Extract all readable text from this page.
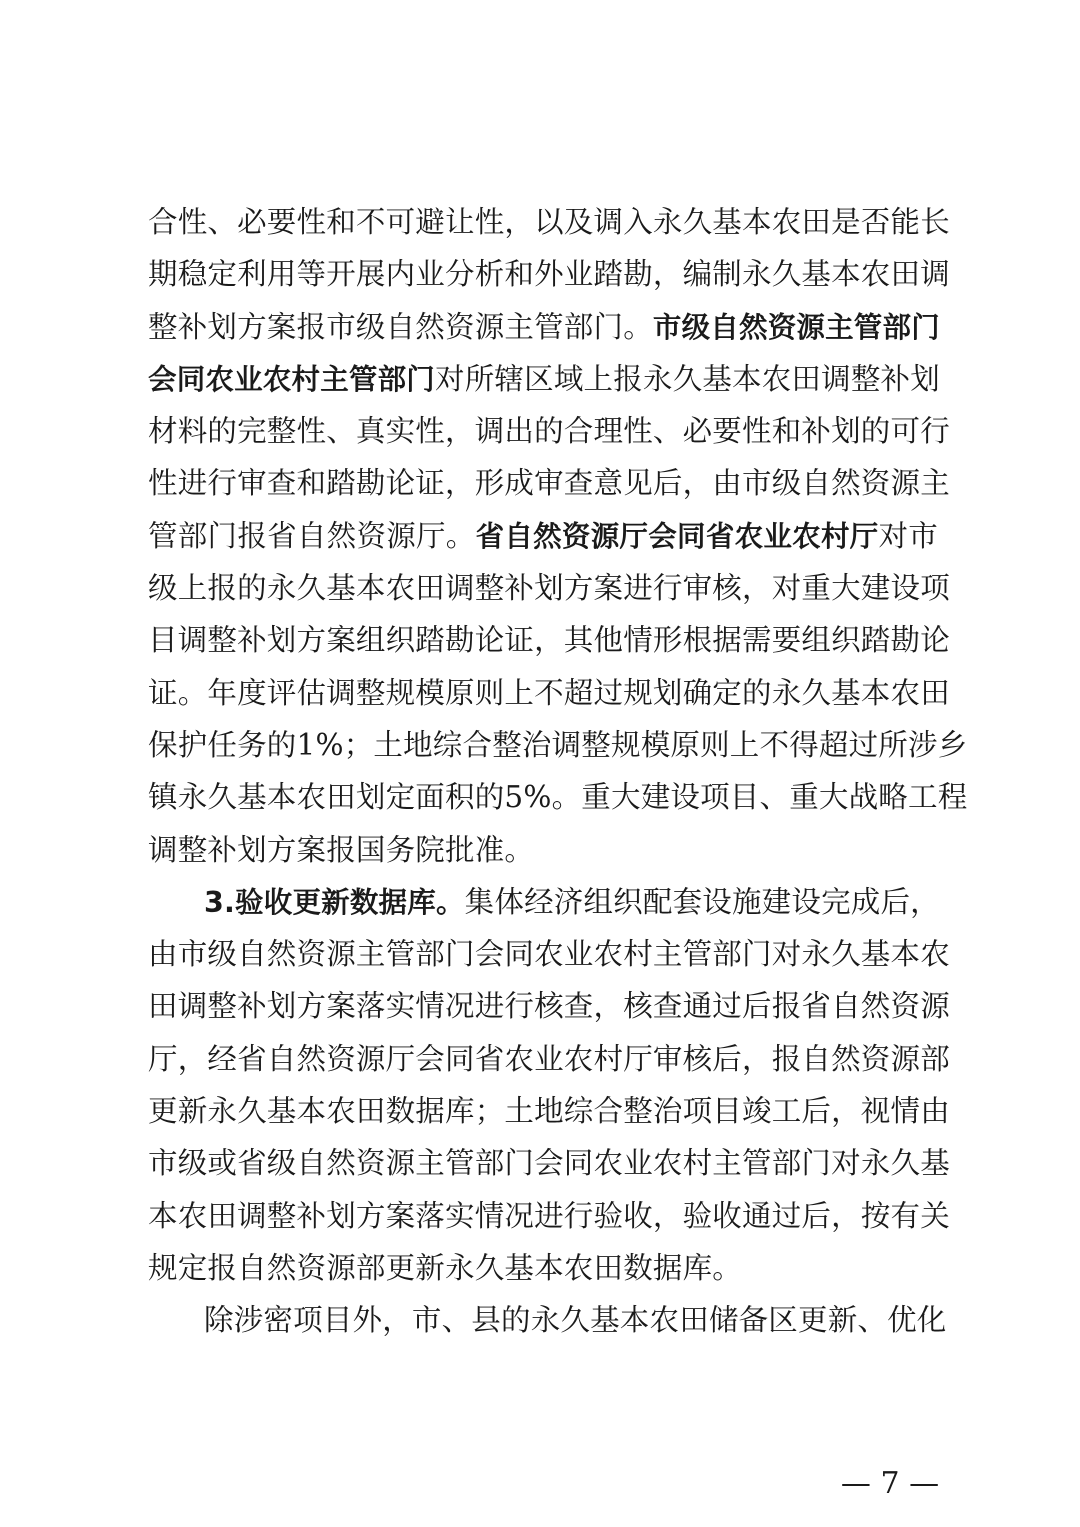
合性、必要性和不可避让性，以及调入永久基本农田是否能长
期稳定利用等开展内业分析和外业踏勘，编制永久基本农田调
整补划方案报市级自然资源主管部门。市级自然资源主管部门
会同农业农村主管部门对所辖区域上报永久基本农田调整补划
材料的完整性、真实性，调出的合理性、必要性和补划的可行
性进行审查和踏勘论证，形成审查意见后，由市级自然资源主
管部门报省自然资源厅。省自然资源厅会同省农业农村厅对市
级上报的永久基本农田调整补划方案进行审核，对重大建设项
目调整补划方案组织踏勘论证，其他情形根据需要组织踏勘论
证。年度评估调整规模原则上不超过规划确定的永久基本农田
保护任务的1%；土地综合整治调整规模原则上不得超过所涉乡
镇永久基本农田划定面积的5%。重大建设项目、重大战略工程
调整补划方案报国务院批准。
3.验收更新数据库。集体经济组织配套设施建设完成后，
由市级自然资源主管部门会同农业农村主管部门对永久基本农
田调整补划方案落实情况进行核查，核查通过后报省自然资源
厅，经省自然资源厅会同省农业农村厅审核后，报自然资源部
更新永久基本农田数据库；土地综合整治项目竣工后，视情由
市级或省级自然资源主管部门会同农业农村主管部门对永久基
本农田调整补划方案落实情况进行验收，验收通过后，按有关
规定报自然资源部更新永久基本农田数据库。
除涉密项目外，市、县的永久基本农田储备区更新、优化
— 7 —
